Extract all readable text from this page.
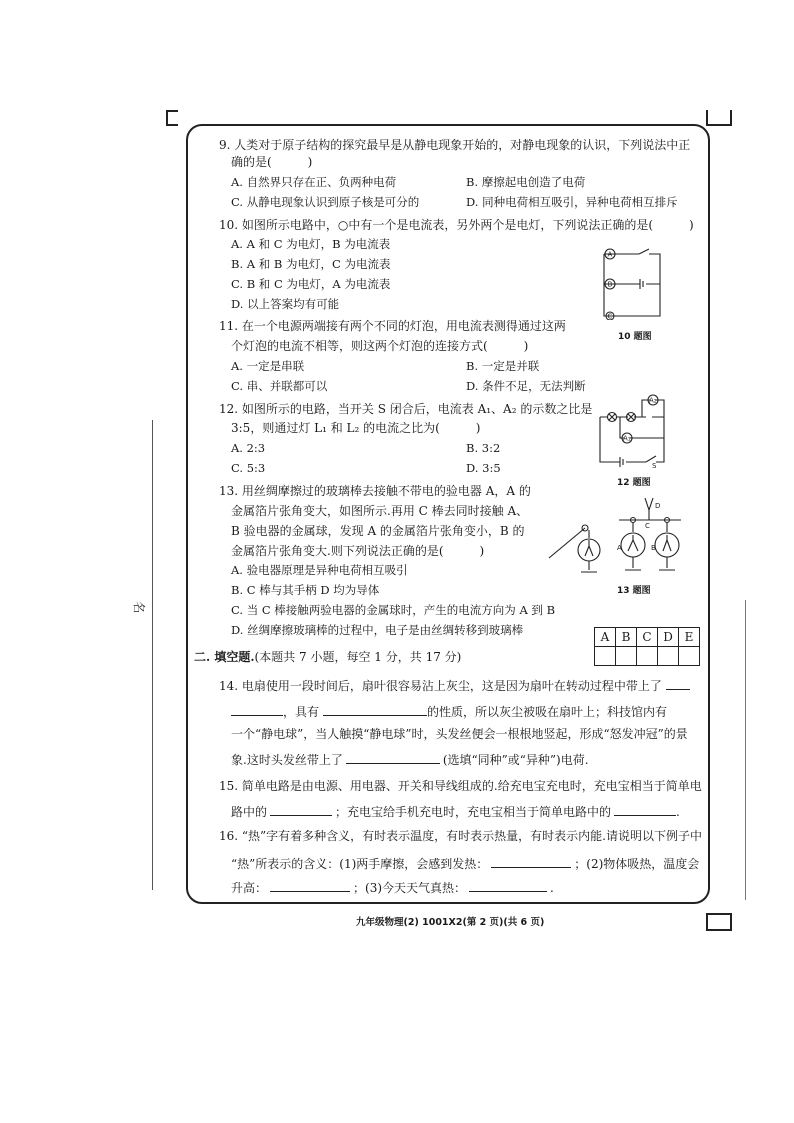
名
9. 人类对于原子结构的探究最早是从静电现象开始的，对静电现象的认识，下列说法中正
确的是(　　　)
A. 自然界只存在正、负两种电荷	B. 摩擦起电创造了电荷
C. 从静电现象认识到原子核是可分的	D. 同种电荷相互吸引，异种电荷相互排斥
10. 如图所示电路中，○中有一个是电流表，另外两个是电灯，下列说法正确的是(　　　)
A. A 和 C 为电灯，B 为电流表
B. A 和 B 为电灯，C 为电流表
C. B 和 C 为电灯，A 为电流表
D. 以上答案均有可能
A
B
C
10 题图
11. 在一个电源两端接有两个不同的灯泡，用电流表测得通过这两
个灯泡的电流不相等，则这两个灯泡的连接方式(　　　)
A. 一定是串联	B. 一定是并联
C. 串、并联都可以	D. 条件不足，无法判断
12. 如图所示的电路，当开关 S 闭合后，电流表 A₁、A₂ 的示数之比是
3:5，则通过灯 L₁ 和 L₂ 的电流之比为(　　　)
A. 2:3	B. 3:2
C. 5:3	D. 3:5
A₂
A₁
S
12 题图
13. 用丝绸摩擦过的玻璃棒去接触不带电的验电器 A，A 的
金属箔片张角变大，如图所示.再用 C 棒去同时接触 A、
B 验电器的金属球，发现 A 的金属箔片张角变小，B 的
金属箔片张角变大.则下列说法正确的是(　　　)
A. 验电器原理是异种电荷相互吸引
B. C 棒与其手柄 D 均为导体
C. 当 C 棒接触两验电器的金属球时，产生的电流方向为 A 到 B
D. 丝绸摩擦玻璃棒的过程中，电子是由丝绸转移到玻璃棒
D
C
A	B
13 题图
A	B	C	D	E

二. 填空题.(本题共 7 小题，每空 1 分，共 17 分)
14. 电扇使用一段时间后，扇叶很容易沾上灰尘，这是因为扇叶在转动过程中带上了
，具有	的性质，所以灰尘被吸在扇叶上；科技馆内有
一个“静电球”，当人触摸“静电球”时，头发丝便会一根根地竖起，形成“怒发冲冠”的景
象.这时头发丝带上了	(选填“同种”或“异种”)电荷.
15. 简单电路是由电源、用电器、开关和导线组成的.给充电宝充电时，充电宝相当于简单电
路中的	；充电宝给手机充电时，充电宝相当于简单电路中的	.
16. “热”字有着多种含义，有时表示温度，有时表示热量，有时表示内能.请说明以下例子中
“热”所表示的含义：(1)两手摩擦，会感到发热：	；(2)物体吸热，温度会
升高：	；(3)今天天气真热：	.
九年级物理(2) 1001X2(第 2 页)(共 6 页)
